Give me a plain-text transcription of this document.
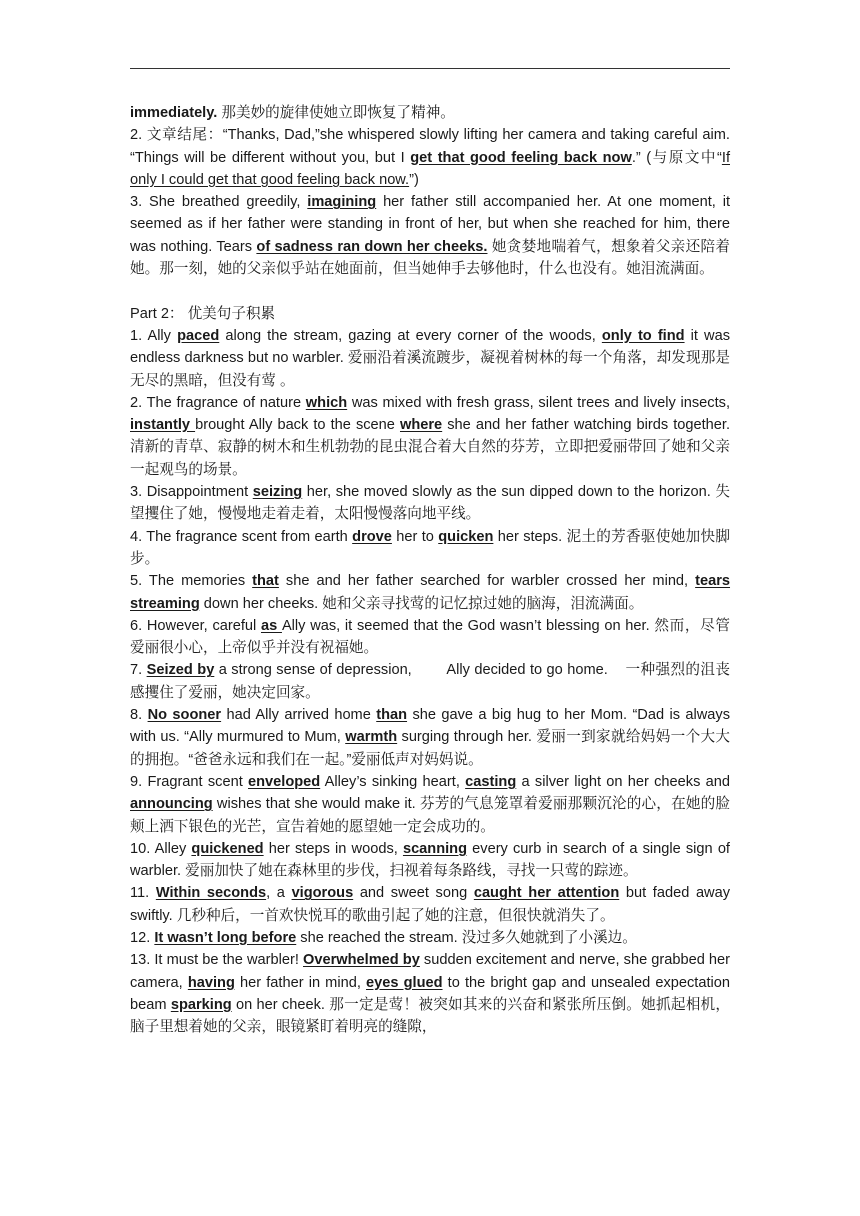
immediately. 那美妙的旋律使她立即恢复了精神。

2. 文章结尾：“Thanks, Dad,”she whispered slowly lifting her camera and taking careful aim. “Things will be different without you, but I get that good feeling back now.” (与原文中“If only I could get that good feeling back now.”)

3. She breathed greedily, imagining her father still accompanied her. At one moment, it seemed as if her father were standing in front of her, but when she reached for him, there was nothing. Tears of sadness ran down her cheeks. 她贪婪地喘着气，想象着父亲还陪着她。那一刻，她的父亲似乎站在她面前，但当她伸手去够他时，什么也没有。她泪流满面。

Part 2： 优美句子积累

1. Ally paced along the stream, gazing at every corner of the woods, only to find it was endless darkness but no warbler. 爱丽沿着溪流踱步，凝视着树林的每一个角落，却发现那是无尽的黑暗，但没有莺 。

2. The fragrance of nature which was mixed with fresh grass, silent trees and lively insects, instantly brought Ally back to the scene where she and her father watching birds together. 清新的青草、寂静的树木和生机勃勃的昆虫混合着大自然的芬芳，立即把爱丽带回了她和父亲一起观鸟的场景。

3. Disappointment seizing her, she moved slowly as the sun dipped down to the horizon. 失望攫住了她，慢慢地走着走着，太阳慢慢落向地平线。

4. The fragrance scent from earth drove her to quicken her steps. 泥土的芳香驱使她加快脚步。

5. The memories that she and her father searched for warbler crossed her mind, tears streaming down her cheeks. 她和父亲寻找莺的记忆掠过她的脑海，泪流满面。

6. However, careful as Ally was, it seemed that the God wasn’t blessing on her. 然而，尽管爱丽很小心，上帝似乎并没有祝福她。

7. Seized by a strong sense of depression,        Ally decided to go home.    一种强烈的沮丧感攫住了爱丽，她决定回家。

8. No sooner had Ally arrived home than she gave a big hug to her Mom. “Dad is always with us. “Ally murmured to Mum, warmth surging through her. 爱丽一到家就给妈妈一个大大的拥抱。“爸爸永远和我们在一起。”爱丽低声对妈妈说。

9. Fragrant scent enveloped Alley’s sinking heart, casting a silver light on her cheeks and announcing wishes that she would make it. 芬芳的气息笼罩着爱丽那颗沉沦的心，在她的脸颊上洒下银色的光芒，宣告着她的愿望她一定会成功的。

10. Alley quickened her steps in woods, scanning every curb in search of a single sign of warbler. 爱丽加快了她在森林里的步伐，扫视着每条路线，寻找一只莺的踪迹。

11. Within seconds, a vigorous and sweet song caught her attention but faded away swiftly. 几秒种后，一首欢快悦耳的歌曲引起了她的注意，但很快就消失了。

12. It wasn’t long before she reached the stream. 没过多久她就到了小溪边。

13. It must be the warbler! Overwhelmed by sudden excitement and nerve, she grabbed her camera, having her father in mind, eyes glued to the bright gap and unsealed expectation beam sparking on her cheek. 那一定是莺！被突如其来的兴奋和紧张所压倒。她抓起相机，脑子里想着她的父亲，眼镜紧盯着明亮的缝隙，
